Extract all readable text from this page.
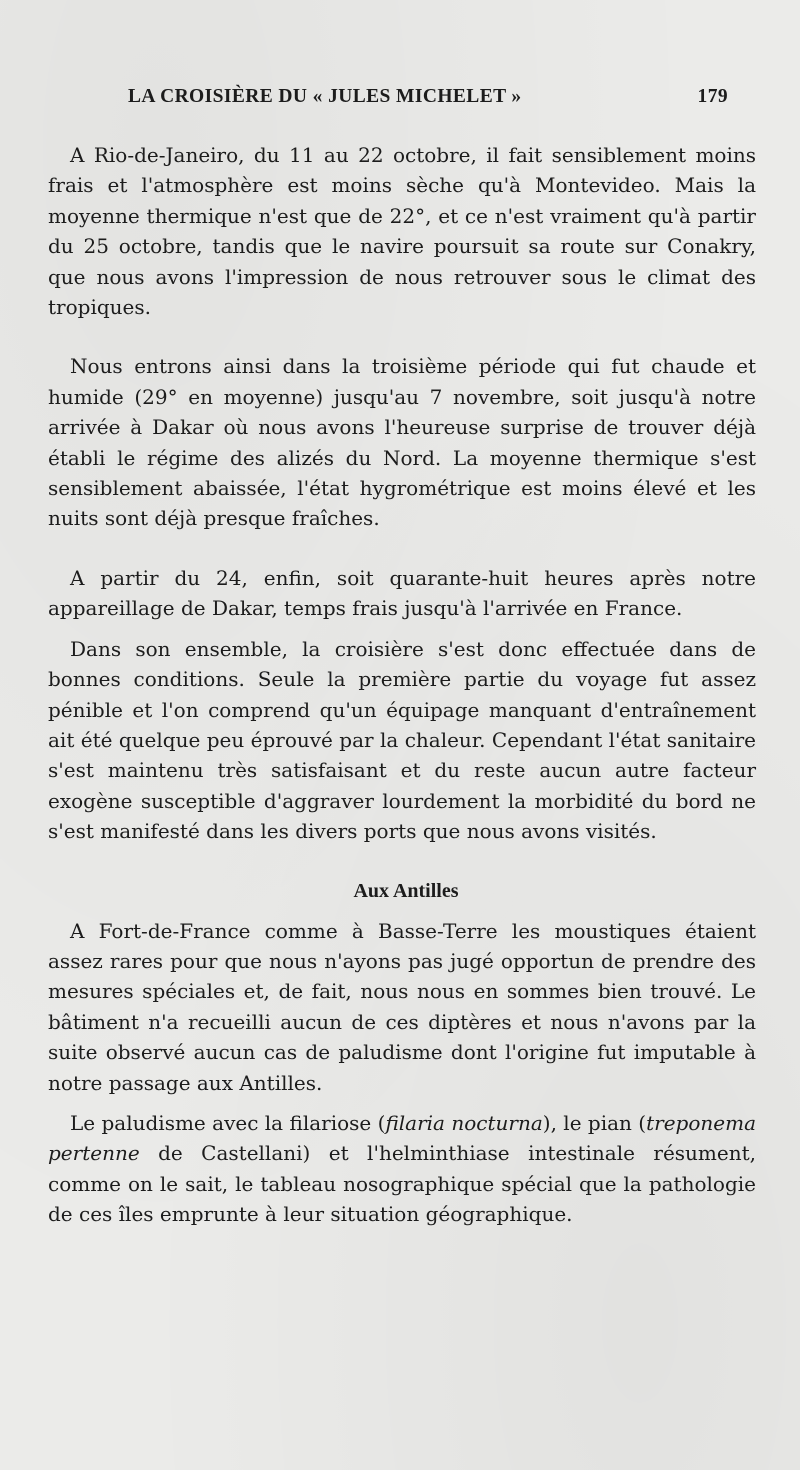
LA CROISIÈRE DU « JULES MICHELET »	179

A Rio-de-Janeiro, du 11 au 22 octobre, il fait sensiblement moins frais et l'atmosphère est moins sèche qu'à Montevideo. Mais la moyenne thermique n'est que de 22°, et ce n'est vraiment qu'à partir du 25 octobre, tandis que le navire poursuit sa route sur Conakry, que nous avons l'impression de nous retrouver sous le climat des tropiques.

Nous entrons ainsi dans la troisième période qui fut chaude et humide (29° en moyenne) jusqu'au 7 novembre, soit jusqu'à notre arrivée à Dakar où nous avons l'heureuse surprise de trouver déjà établi le régime des alizés du Nord. La moyenne thermique s'est sensiblement abaissée, l'état hygrométrique est moins élevé et les nuits sont déjà presque fraîches.

A partir du 24, enfin, soit quarante-huit heures après notre appareillage de Dakar, temps frais jusqu'à l'arrivée en France.

Dans son ensemble, la croisière s'est donc effectuée dans de bonnes conditions. Seule la première partie du voyage fut assez pénible et l'on comprend qu'un équipage manquant d'entraînement ait été quelque peu éprouvé par la chaleur. Cependant l'état sanitaire s'est maintenu très satisfaisant et du reste aucun autre facteur exogène susceptible d'aggraver lourdement la morbidité du bord ne s'est manifesté dans les divers ports que nous avons visités.

Aux Antilles

A Fort-de-France comme à Basse-Terre les moustiques étaient assez rares pour que nous n'ayons pas jugé opportun de prendre des mesures spéciales et, de fait, nous nous en sommes bien trouvé. Le bâtiment n'a recueilli aucun de ces diptères et nous n'avons par la suite observé aucun cas de paludisme dont l'origine fut imputable à notre passage aux Antilles.

Le paludisme avec la filariose (filaria nocturna), le pian (treponema pertenne de Castellani) et l'helminthiase intestinale résument, comme on le sait, le tableau nosographique spécial que la pathologie de ces îles emprunte à leur situation géographique.
